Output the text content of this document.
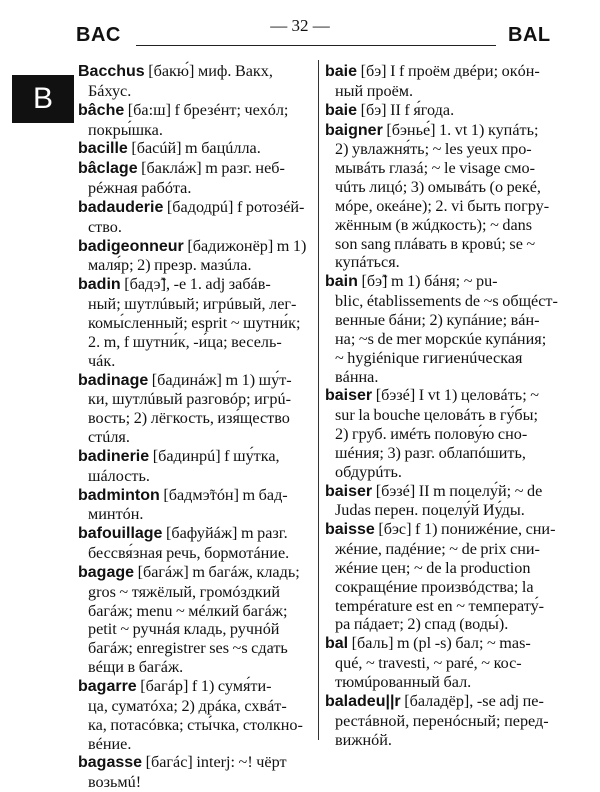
BAC	— 32 —	BAL
B
Bacchus [бакю́] миф. Вакх,
Бáхус.
bâche [ба:ш] f брезéнт; чехóл;
покры́шка.
bacille [басúй] m бацúлла.
bâclage [баклáж] m разг. неб-
рéжная рабóта.
badauderie [бадодрú] f ротозéй-
ство.
badigeonneur [бадижонёр] m 1)
маля́р; 2) презр. мазúла.
badin [бадэ̃], -e 1. adj забáв-
ный; шутлúвый; игрúвый, лег-
комы́сленный; esprit ~ шутни́к;
2. m, f шутни́к, -и́ца; весель-
чáк.
badinage [бадинáж] m 1) шу́т-
ки, шутлúвый разговóр; игрú-
вость; 2) лёгкость, изя́щество
стúля.
badinerie [бадинрú] f шу́тка,
шáлость.
badminton [бадмэ̃тóн] m бад-
минтóн.
bafouillage [бафуйáж] m разг.
бессвя́зная речь, бормотáние.
bagage [багáж] m багáж, кладь;
gros ~ тяжёлый, громóздкий
багáж; menu ~ мéлкий багáж;
petit ~ ручнáя кладь, ручнóй
багáж; enregistrer ses ~s сдать
вéщи в багáж.
bagarre [багáр] f 1) сумя́ти-
ца, суматóха; 2) дрáка, схвáт-
ка, потасóвка; сты́чка, столкно-
вéние.
bagasse [багáс] interj: ~! чёрт
возьмú!
baie [бэ] I f проём двéри; окóн-
ный проём.
baie [бэ] II f я́года.
baigner [бэнье́] 1. vt 1) купáть;
2) увлажня́ть; ~ les yeux про-
мывáть глазá; ~ le visage смо-
чúть лицó; 3) омывáть (о рекé,
мóре, океáне); 2. vi быть погру-
жённым (в жúдкость); ~ dans
son sang плáвать в кровú; se ~
купáться.
bain [бэ̃] m 1) бáня; ~ pu-
blic, établissements de ~s общéст-
венные бáни; 2) купáние; вáн-
на; ~s de mer морскúе купáния;
~ hygiénique гигиенúческая
вáнна.
baiser [бэзé] I vt 1) целовáть; ~
sur la bouche целовáть в гу́бы;
2) груб. имéть полову́ю сно-
шéния; 3) разг. облапóшить,
обдурúть.
baiser [бэзé] II m поцелу́й; ~ de
Judas перен. поцелу́й Иу́ды.
baisse [бэс] f 1) понижéние, сни-
жéние, падéние; ~ de prix сни-
жéние цен; ~ de la production
сокращéние произвóдства; la
température est en ~ температу́-
ра пáдает; 2) спад (воды́).
bal [баль] m (pl -s) бал; ~ mas-
qué, ~ travesti, ~ paré, ~ кос-
тюмúрованный бал.
baladeu||r [баладёр], -se adj пе-
рестáвной, перенóсный; перед-
вижнóй.
